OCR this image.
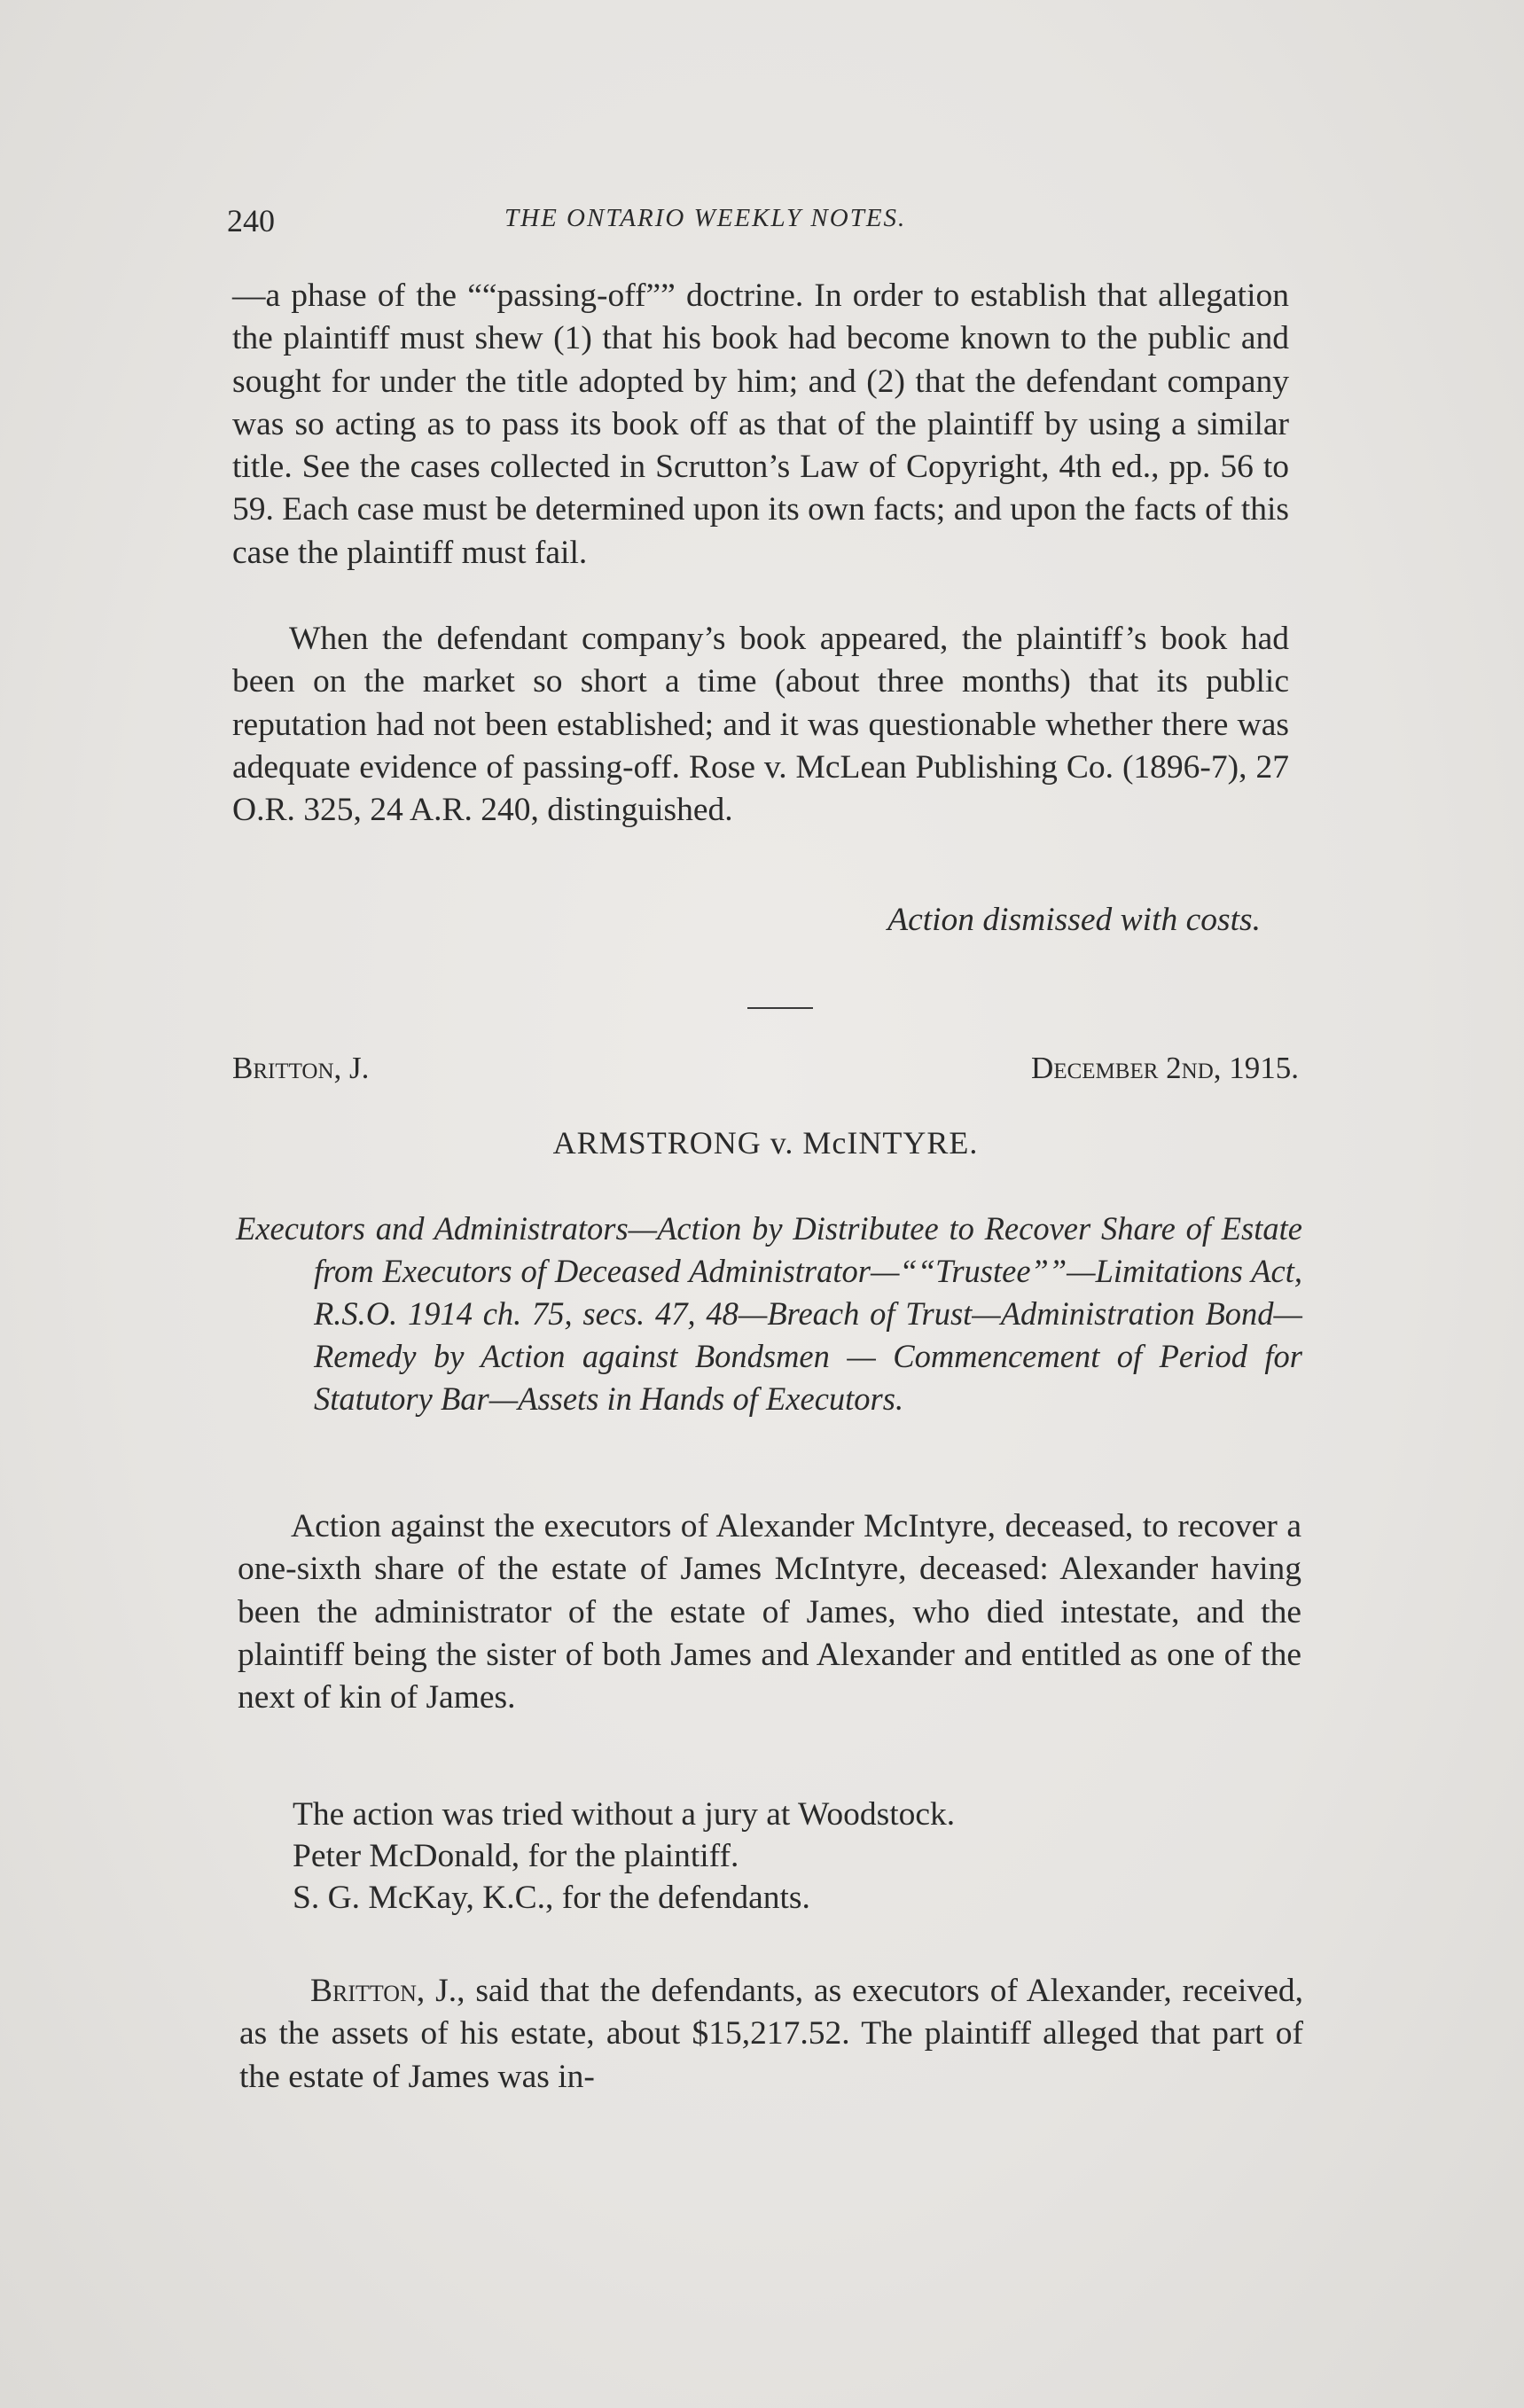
240	THE ONTARIO WEEKLY NOTES.

—a phase of the ““passing-off”” doctrine. In order to establish that allegation the plaintiff must shew (1) that his book had become known to the public and sought for under the title adopted by him; and (2) that the defendant company was so acting as to pass its book off as that of the plaintiff by using a similar title. See the cases collected in Scrutton’s Law of Copyright, 4th ed., pp. 56 to 59. Each case must be determined upon its own facts; and upon the facts of this case the plaintiff must fail.

When the defendant company’s book appeared, the plaintiff’s book had been on the market so short a time (about three months) that its public reputation had not been established; and it was questionable whether there was adequate evidence of passing-off. Rose v. McLean Publishing Co. (1896-7), 27 O.R. 325, 24 A.R. 240, distinguished.

Action dismissed with costs.
Britton, J.	December 2nd, 1915.
ARMSTRONG v. McINTYRE.

Executors and Administrators—Action by Distributee to Recover Share of Estate from Executors of Deceased Administrator—““Trustee””—Limitations Act, R.S.O. 1914 ch. 75, secs. 47, 48—Breach of Trust—Administration Bond—Remedy by Action against Bondsmen — Commencement of Period for Statutory Bar—Assets in Hands of Executors.

Action against the executors of Alexander McIntyre, deceased, to recover a one-sixth share of the estate of James McIntyre, deceased: Alexander having been the administrator of the estate of James, who died intestate, and the plaintiff being the sister of both James and Alexander and entitled as one of the next of kin of James.

The action was tried without a jury at Woodstock.
Peter McDonald, for the plaintiff.
S. G. McKay, K.C., for the defendants.

Britton, J., said that the defendants, as executors of Alexander, received, as the assets of his estate, about $15,217.52. The plaintiff alleged that part of the estate of James was in-
